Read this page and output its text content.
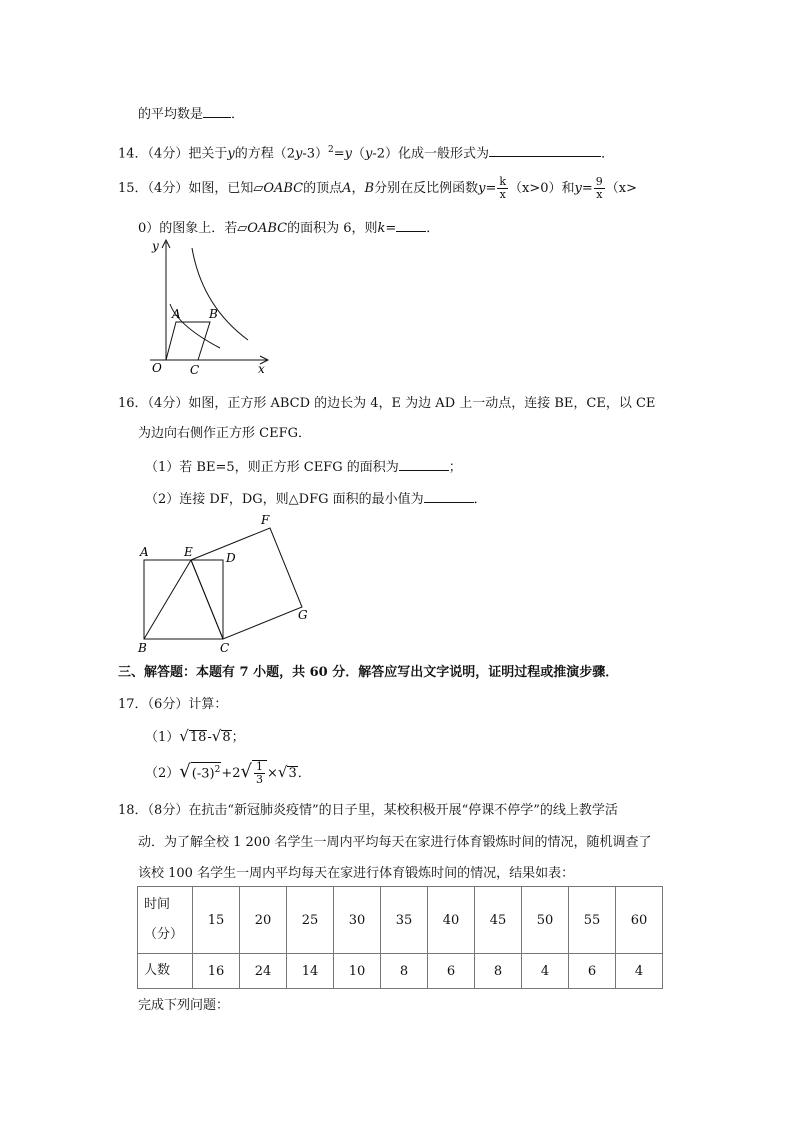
的平均数是 ．
14．（4分）把关于y的方程$(2y-3)^2=y(y-2)$化成一般形式为	．
15．（4分）如图，已知▱OABC的顶点A，B分别在反比例函数$y= \frac{k}{x} (x>0)$和$y= \frac{9}{x} (x>$
0）的图象上．若▱OABC的面积为 6，则k= ．
y
x
O
A B
C
16．（4分）如图，正方形 ABCD 的边长为 4，E 为边 AD 上一动点，连接 BE，CE，以 CE
为边向右侧作正方形 CEFG．
（1）若 BE=5，则正方形 CEFG 的面积为	；
（2）连接 DF，DG，则△DFG 面积的最小值为	．
A	E	D
F
G
B	C
三、解答题：本题有 7 小题，共 60 分．解答应写出文字说明，证明过程或推演步骤．
17．（6分）计算：
（1）√18-√8；
$(2)√(-3)^2+2√ \frac{1}{3} \times√3$．
18．（8分）在抗击“新冠肺炎疫情”的日子里，某校积极开展“停课不停学”的线上教学活
动．为了解全校 1 200 名学生一周内平均每天在家进行体育锻炼时间的情况，随机调查了
该校 100 名学生一周内平均每天在家进行体育锻炼时间的情况，结果如表：
时间（分）	15	20	25	30	35	40	45	50	55	60
人数	16	24	14	10	8	6	8	4	6	4
完成下列问题：
